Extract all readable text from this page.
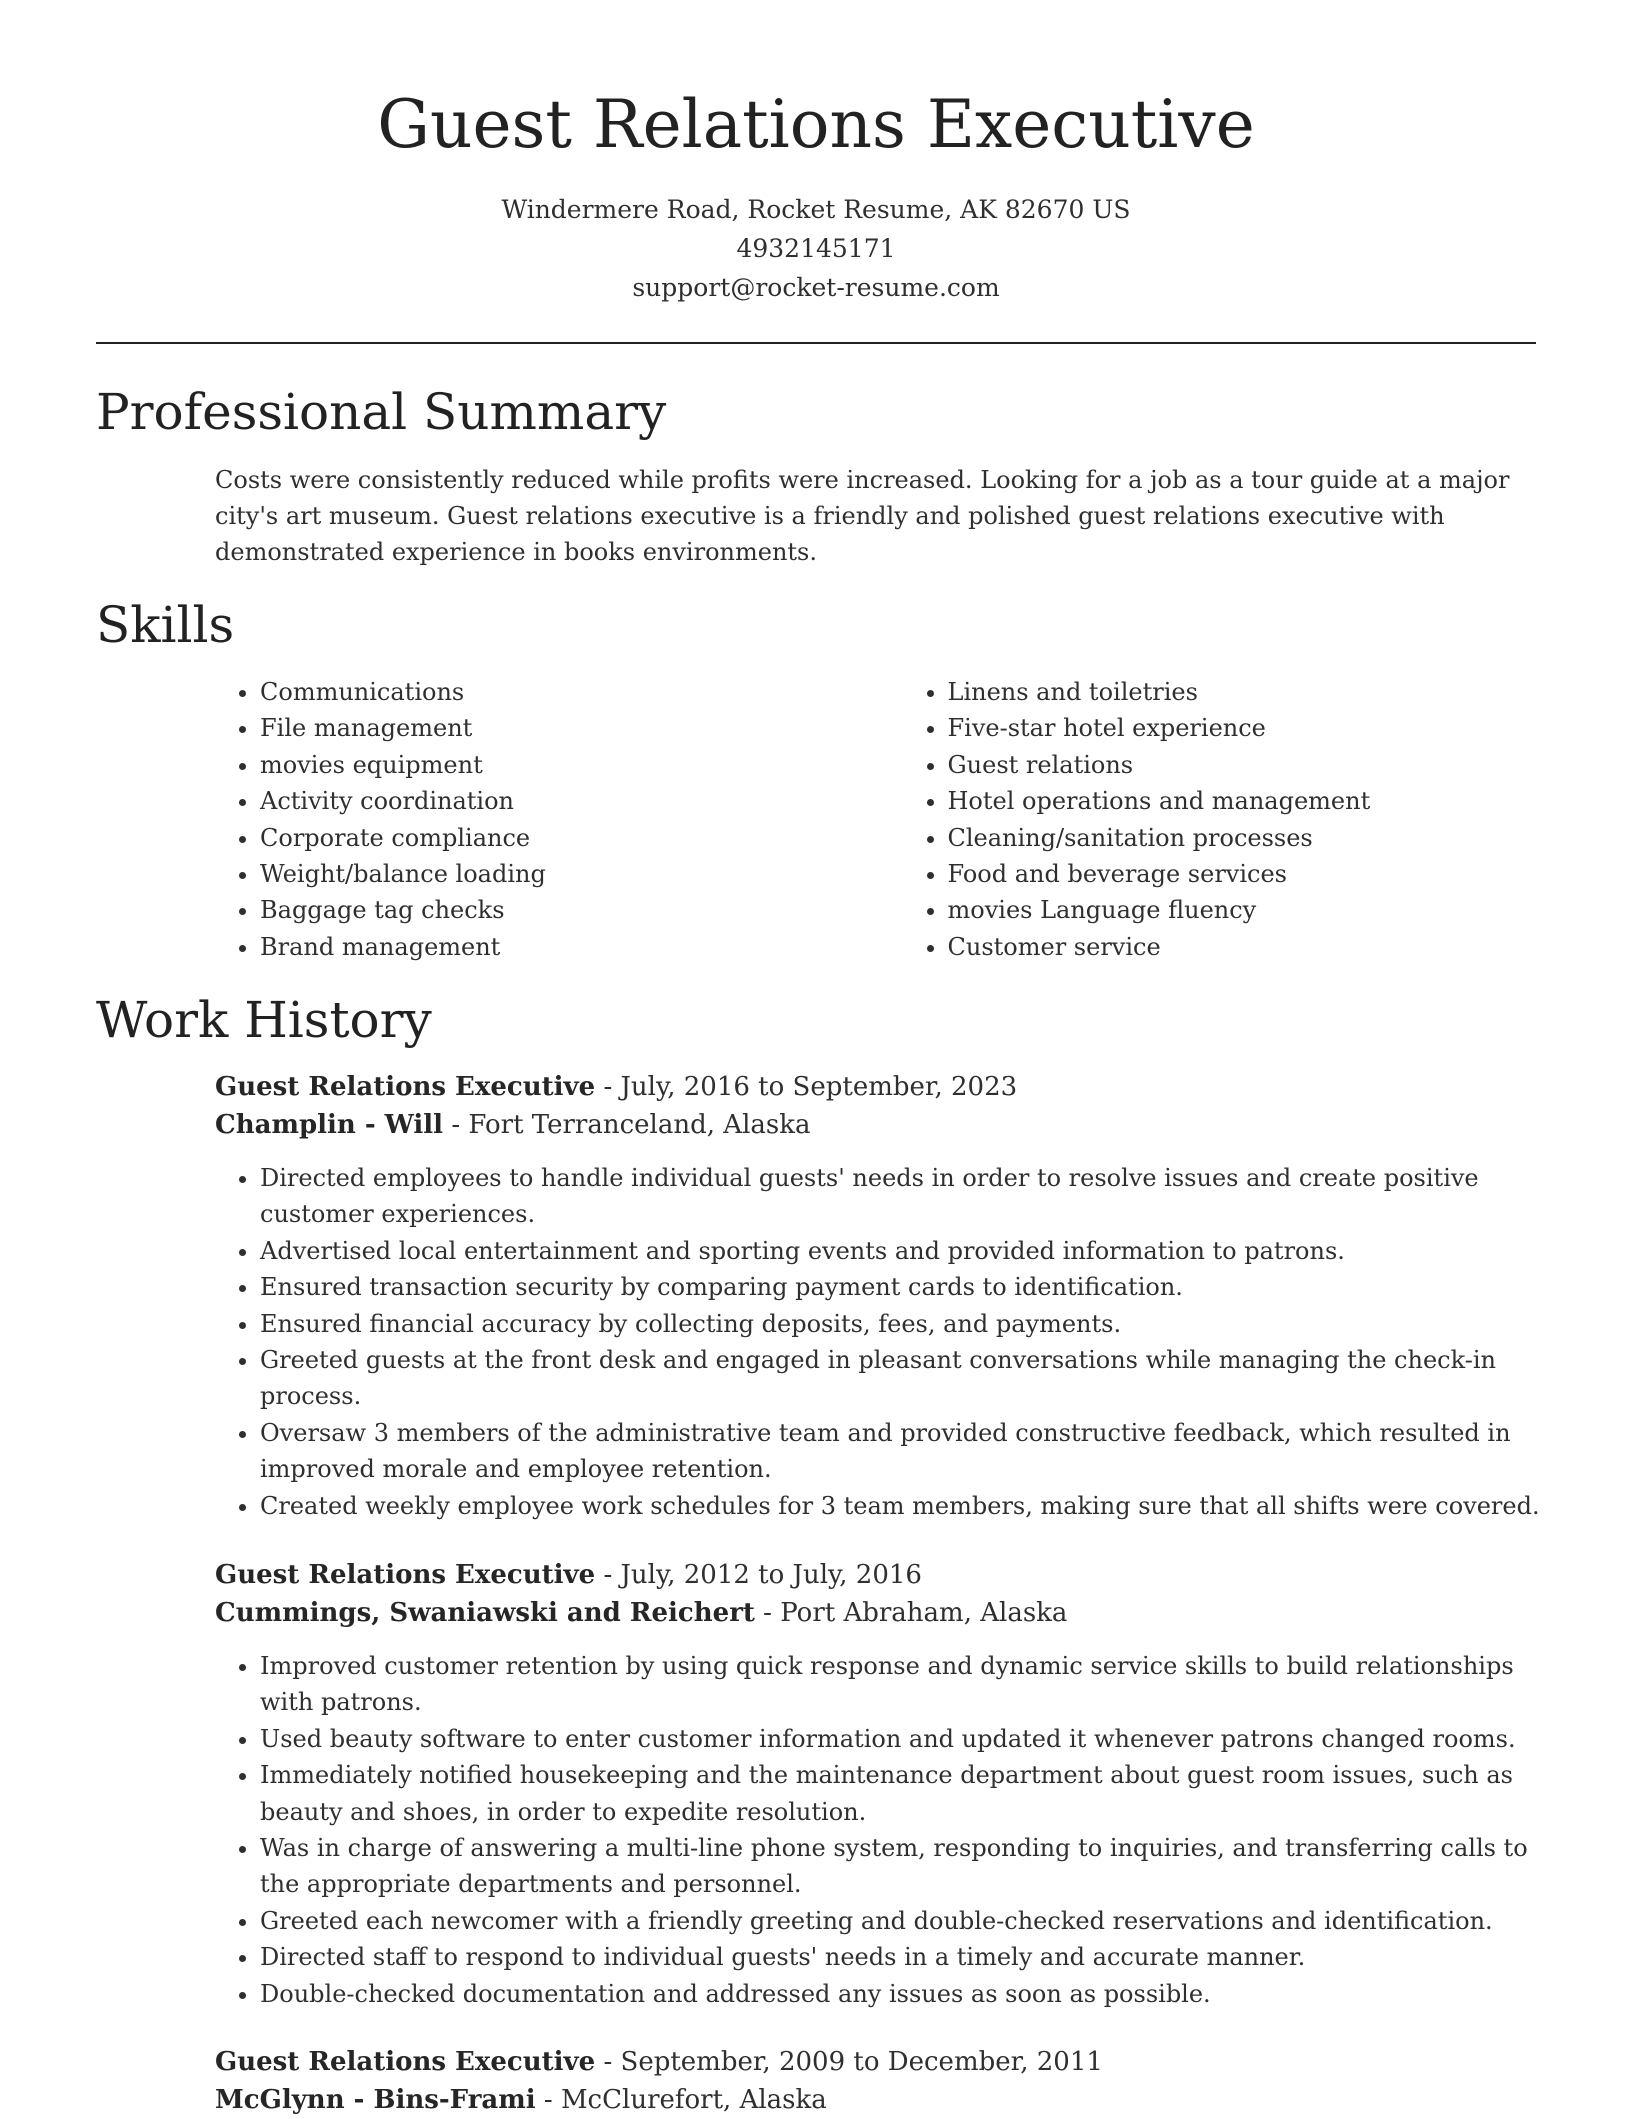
Guest Relations Executive
Windermere Road, Rocket Resume, AK 82670 US
4932145171
support@rocket-resume.com
Professional Summary
Costs were consistently reduced while profits were increased. Looking for a job as a tour guide at a major city's art museum. Guest relations executive is a friendly and polished guest relations executive with demonstrated experience in books environments.
Skills
• Communications
• File management
• movies equipment
• Activity coordination
• Corporate compliance
• Weight/balance loading
• Baggage tag checks
• Brand management
• Linens and toiletries
• Five-star hotel experience
• Guest relations
• Hotel operations and management
• Cleaning/sanitation processes
• Food and beverage services
• movies Language fluency
• Customer service
Work History
Guest Relations Executive - July, 2016 to September, 2023
Champlin - Will - Fort Terranceland, Alaska
• Directed employees to handle individual guests' needs in order to resolve issues and create positive customer experiences.
• Advertised local entertainment and sporting events and provided information to patrons.
• Ensured transaction security by comparing payment cards to identification.
• Ensured financial accuracy by collecting deposits, fees, and payments.
• Greeted guests at the front desk and engaged in pleasant conversations while managing the check-in process.
• Oversaw 3 members of the administrative team and provided constructive feedback, which resulted in improved morale and employee retention.
• Created weekly employee work schedules for 3 team members, making sure that all shifts were covered.
Guest Relations Executive - July, 2012 to July, 2016
Cummings, Swaniawski and Reichert - Port Abraham, Alaska
• Improved customer retention by using quick response and dynamic service skills to build relationships with patrons.
• Used beauty software to enter customer information and updated it whenever patrons changed rooms.
• Immediately notified housekeeping and the maintenance department about guest room issues, such as beauty and shoes, in order to expedite resolution.
• Was in charge of answering a multi-line phone system, responding to inquiries, and transferring calls to the appropriate departments and personnel.
• Greeted each newcomer with a friendly greeting and double-checked reservations and identification.
• Directed staff to respond to individual guests' needs in a timely and accurate manner.
• Double-checked documentation and addressed any issues as soon as possible.
Guest Relations Executive - September, 2009 to December, 2011
McGlynn - Bins-Frami - McClurefort, Alaska
